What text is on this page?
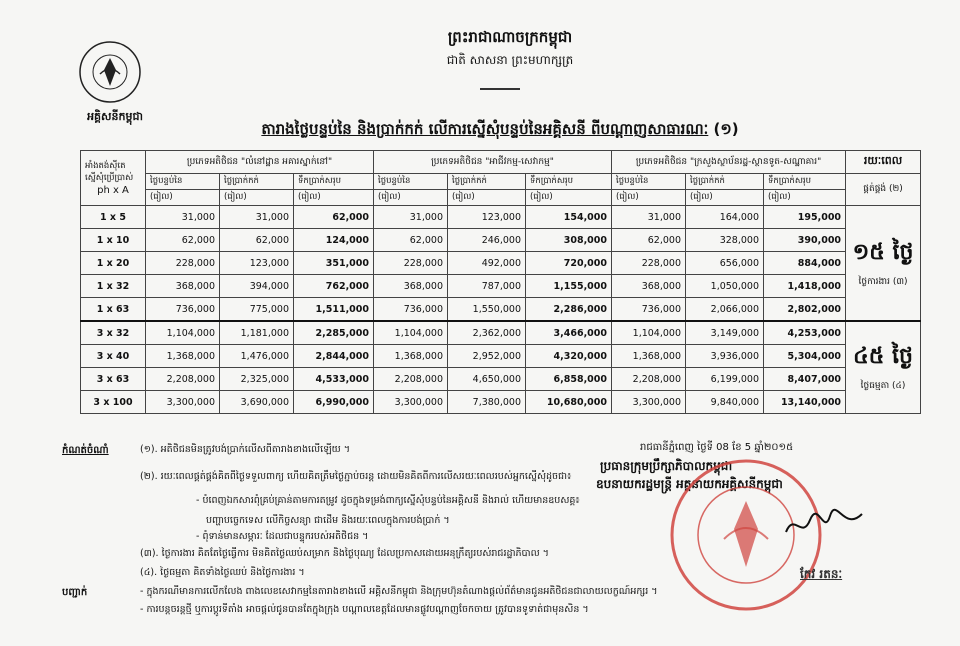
ព្រះរាជាណាចក្រកម្ពុជា
ជាតិ សាសនា ព្រះមហាក្សត្រ
អគ្គិសនីកម្ពុជា
តារាងថ្លៃបន្ទប់នៃ និងប្រាក់កក់ លើការស្នើសុំបន្ទប់នៃអគ្គិសនី ពីបណ្ដាញសាធារណៈ (១)
អាំងតង់ស៊ីតេ
ស្នើសុំប្រើប្រាស់

ph x A	ប្រភេទអតិថិជន "លំនៅដ្ឋាន អគារស្នាក់នៅ"			ប្រភេទអតិថិជន "អាជីវកម្ម-សេវាកម្ម"			ប្រភេទអតិថិជន "ក្រសួងស្ថាប័នរដ្ឋ-ស្ថានទូត-សណ្ឋាគារ"			រយៈពេល
	ថ្លៃបន្ទប់នៃ	ថ្លៃប្រាក់កក់	ទឹកប្រាក់សរុប	ថ្លៃបន្ទប់នៃ	ថ្លៃប្រាក់កក់	ទឹកប្រាក់សរុប	ថ្លៃបន្ទប់នៃ	ថ្លៃប្រាក់កក់	ទឹកប្រាក់សរុប	ផ្គត់ផ្គង់ (២)
	(រៀល)	(រៀល)	(រៀល)	(រៀល)	(រៀល)	(រៀល)	(រៀល)	(រៀល)	(រៀល)	
1 x 5	31,000	31,000	62,000	31,000	123,000	154,000	31,000	164,000	195,000	១៥ ថ្ងៃ
ថ្ងៃការងារ (៣)

1 x 10	62,000	62,000	124,000	62,000	246,000	308,000	62,000	328,000	390,000	
1 x 20	228,000	123,000	351,000	228,000	492,000	720,000	228,000	656,000	884,000	
1 x 32	368,000	394,000	762,000	368,000	787,000	1,155,000	368,000	1,050,000	1,418,000	
1 x 63	736,000	775,000	1,511,000	736,000	1,550,000	2,286,000	736,000	2,066,000	2,802,000	
3 x 32	1,104,000	1,181,000	2,285,000	1,104,000	2,362,000	3,466,000	1,104,000	3,149,000	4,253,000	៤៥ ថ្ងៃ
ថ្ងៃធម្មតា (៤)

3 x 40	1,368,000	1,476,000	2,844,000	1,368,000	2,952,000	4,320,000	1,368,000	3,936,000	5,304,000	
3 x 63	2,208,000	2,325,000	4,533,000	2,208,000	4,650,000	6,858,000	2,208,000	6,199,000	8,407,000	
3 x 100	3,300,000	3,690,000	6,990,000	3,300,000	7,380,000	10,680,000	3,300,000	9,840,000	13,140,000	
កំណត់ចំណាំ	(១). អតិថិជនមិនត្រូវបង់ប្រាក់លើសពីតារាងខាងលើឡើយ ។
(២). រយៈពេលផ្គត់ផ្គង់គិតពីថ្ងៃទទួលពាក្យ ហើយគិតត្រឹមថ្ងៃភ្ជាប់ចរន្ត ដោយមិនគិតពីការលើសរយៈពេលរបស់អ្នកស្នើសុំដូចជា៖
- បំពេញឯកសារពុំគ្រប់គ្រាន់តាមការតម្រូវ ដូចក្នុងទម្រង់ពាក្យស្នើសុំបន្ទប់នៃអគ្គិសនី និងរាល់ ហើយមានឧបសគ្គ៖
បញ្ហាបច្ចេកទេស លើកិច្ចសន្យា ជាដើម និងរយៈពេលក្នុងការបង់ប្រាក់ ។
- ពុំទាន់មានសម្ភារៈ ដែលជាបន្ទុករបស់អតិថិជន ។
(៣). ថ្ងៃការងារ គិតតែថ្ងៃធ្វើការ មិនគិតថ្ងៃឈប់សម្រាក និងថ្ងៃបុណ្យ ដែលប្រកាសដោយអនុក្រឹត្យរបស់រាជរដ្ឋាភិបាល ។
(៤). ថ្ងៃធម្មតា គិតទាំងថ្ងៃឈប់ និងថ្ងៃការងារ ។
បញ្ជាក់	- ក្នុងករណីមានការលើកលែង ពាងលេខសេវាកម្មនៃតារាងខាងលើ អគ្គិសនីកម្ពុជា និងក្រុមហ៊ុនតំណាងផ្ដល់ព័ត៌មានជូនអតិថិជនជាលាយលក្ខណ៍អក្សរ ។
- ការបន្តចរន្តថ្មី ឬការប្ដូរទីតាំង អាចផ្ដល់ជូនបានតែក្នុងក្រុង បណ្ដាលខេត្តដែលមានផ្លូវបណ្ដាញចែកចាយ ត្រូវបានទូទាត់ជាមុនសិន ។
រាជធានីភ្នំពេញ ថ្ងៃទី 08 ខែ 5 ឆ្នាំ២០១៥
ប្រធានក្រុមប្រឹក្សាភិបាលកម្ពុជា
ឧបនាយករដ្ឋមន្ត្រី អគ្គនាយកអគ្គិសនីកម្ពុជា
កែវ រតនៈ
